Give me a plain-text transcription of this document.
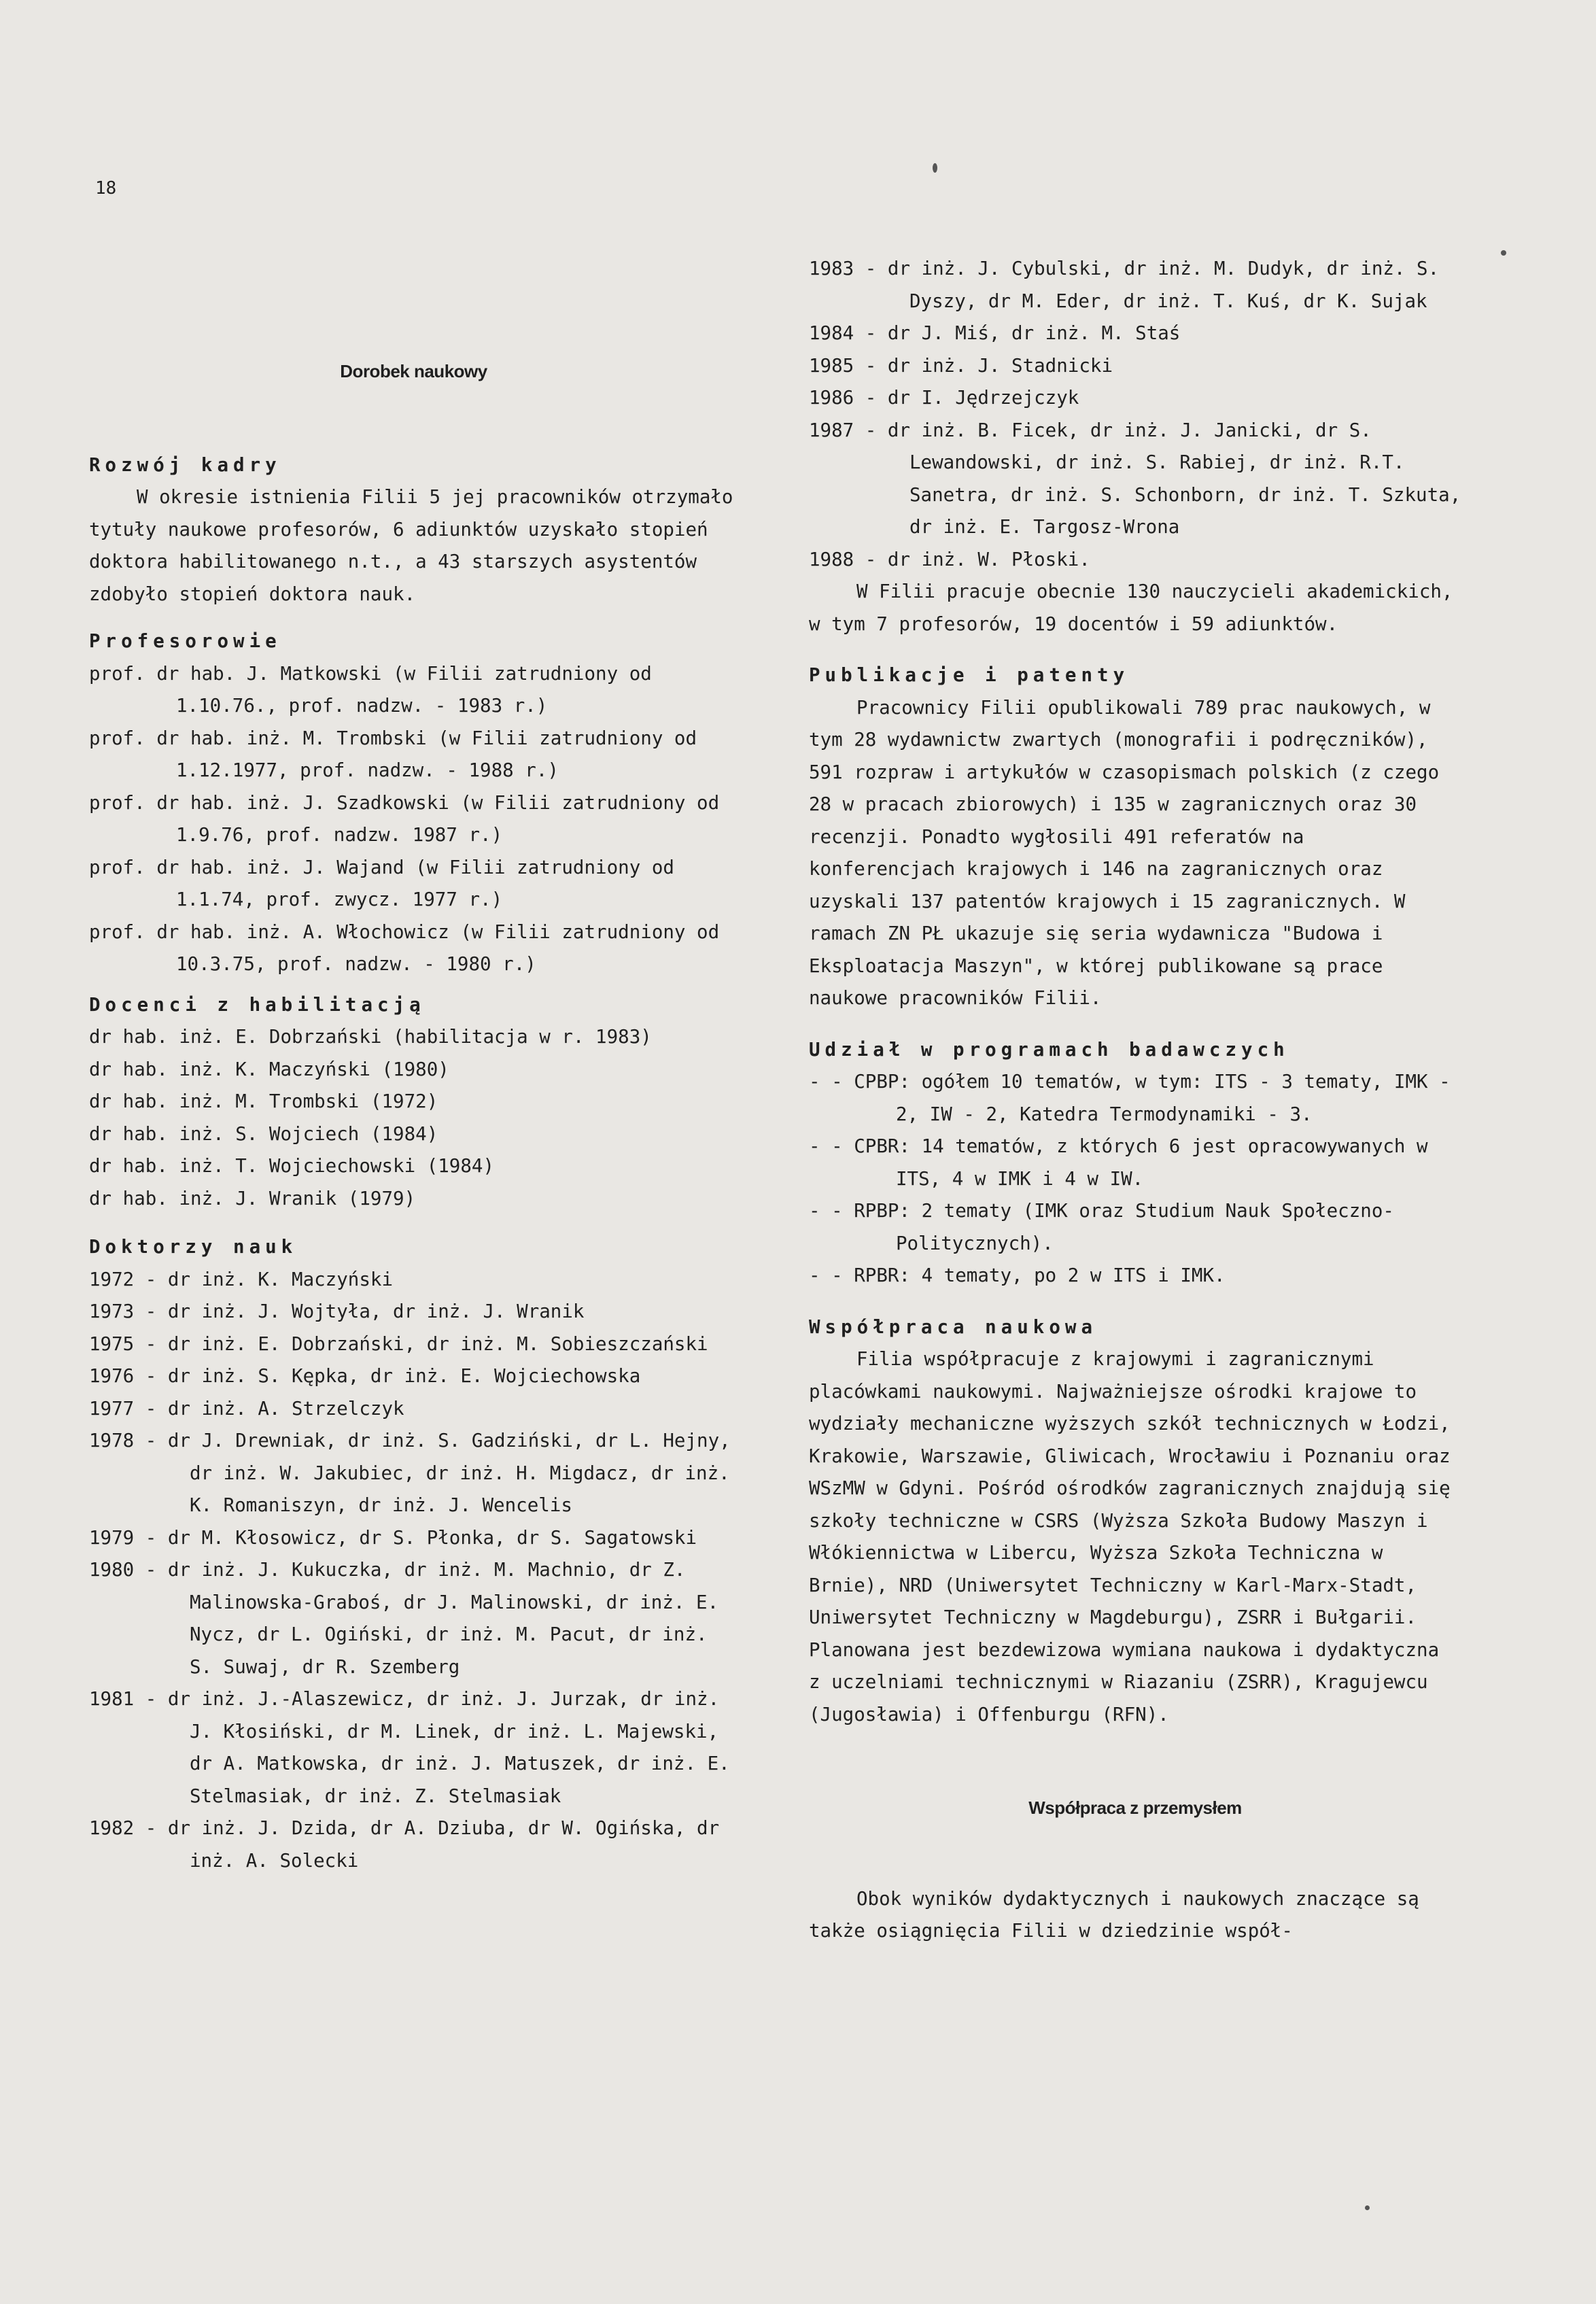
18

Dorobek naukowy

Rozwój kadry

W okresie istnienia Filii 5 jej pracowników otrzymało tytuły naukowe profesorów, 6 adiunktów uzyskało stopień doktora habilitowanego n.t., a 43 starszych asystentów zdobyło stopień doktora nauk.

Profesorowie

prof. dr hab. J. Matkowski (w Filii zatrudniony od 1.10.76., prof. nadzw. - 1983 r.)

prof. dr hab. inż. M. Trombski (w Filii zatrudniony od 1.12.1977, prof. nadzw. - 1988 r.)

prof. dr hab. inż. J. Szadkowski (w Filii zatrudniony od 1.9.76, prof. nadzw. 1987 r.)

prof. dr hab. inż. J. Wajand (w Filii zatrudniony od 1.1.74, prof. zwycz. 1977 r.)

prof. dr hab. inż. A. Włochowicz (w Filii zatrudniony od 10.3.75, prof. nadzw. - 1980 r.)

Docenci z habilitacją

dr hab. inż. E. Dobrzański (habilitacja w r. 1983)

dr hab. inż. K. Maczyński (1980)

dr hab. inż. M. Trombski (1972)

dr hab. inż. S. Wojciech (1984)

dr hab. inż. T. Wojciechowski (1984)

dr hab. inż. J. Wranik (1979)

Doktorzy nauk

1972 - dr inż. K. Maczyński

1973 - dr inż. J. Wojtyła, dr inż. J. Wranik

1975 - dr inż. E. Dobrzański, dr inż. M. Sobieszczański

1976 - dr inż. S. Kępka, dr inż. E. Wojciechowska

1977 - dr inż. A. Strzelczyk

1978 - dr J. Drewniak, dr inż. S. Gadziński, dr L. Hejny, dr inż. W. Jakubiec, dr inż. H. Migdacz, dr inż. K. Romaniszyn, dr inż. J. Wencelis

1979 - dr M. Kłosowicz, dr S. Płonka, dr S. Sagatowski

1980 - dr inż. J. Kukuczka, dr inż. M. Machnio, dr Z. Malinowska-Graboś, dr J. Malinowski, dr inż. E. Nycz, dr L. Ogiński, dr inż. M. Pacut, dr inż. S. Suwaj, dr R. Szemberg

1981 - dr inż. J.-Alaszewicz, dr inż. J. Jurzak, dr inż. J. Kłosiński, dr M. Linek, dr inż. L. Majewski, dr A. Matkowska, dr inż. J. Matuszek, dr inż. E. Stelmasiak, dr inż. Z. Stelmasiak

1982 - dr inż. J. Dzida, dr A. Dziuba, dr W. Ogińska, dr inż. A. Solecki

1983 - dr inż. J. Cybulski, dr inż. M. Dudyk, dr inż. S. Dyszy, dr M. Eder, dr inż. T. Kuś, dr K. Sujak

1984 - dr J. Miś, dr inż. M. Staś

1985 - dr inż. J. Stadnicki

1986 - dr I. Jędrzejczyk

1987 - dr inż. B. Ficek, dr inż. J. Janicki, dr S. Lewandowski, dr inż. S. Rabiej, dr inż. R.T. Sanetra, dr inż. S. Schonborn, dr inż. T. Szkuta, dr inż. E. Targosz-Wrona

1988 - dr inż. W. Płoski.

W Filii pracuje obecnie 130 nauczycieli akademickich, w tym 7 profesorów, 19 docentów i 59 adiunktów.

Publikacje i patenty

Pracownicy Filii opublikowali 789 prac naukowych, w tym 28 wydawnictw zwartych (monografii i podręczników), 591 rozpraw i artykułów w czasopismach polskich (z czego 28 w pracach zbiorowych) i 135 w zagranicznych oraz 30 recenzji. Ponadto wygłosili 491 referatów na konferencjach krajowych i 146 na zagranicznych oraz uzyskali 137 patentów krajowych i 15 zagranicznych. W ramach ZN PŁ ukazuje się seria wydawnicza "Budowa i Eksploatacja Maszyn", w której publikowane są prace naukowe pracowników Filii.

Udział w programach badawczych

- - CPBP: ogółem 10 tematów, w tym: ITS - 3 tematy, IMK - 2, IW - 2, Katedra Termodynamiki - 3.

- - CPBR: 14 tematów, z których 6 jest opracowywanych w ITS, 4 w IMK i 4 w IW.

- - RPBP: 2 tematy (IMK oraz Studium Nauk Społeczno-Politycznych).

- - RPBR: 4 tematy, po 2 w ITS i IMK.

Współpraca naukowa

Filia współpracuje z krajowymi i zagranicznymi placówkami naukowymi. Najważniejsze ośrodki krajowe to wydziały mechaniczne wyższych szkół technicznych w Łodzi, Krakowie, Warszawie, Gliwicach, Wrocławiu i Poznaniu oraz WSzMW w Gdyni. Pośród ośrodków zagranicznych znajdują się szkoły techniczne w CSRS (Wyższa Szkoła Budowy Maszyn i Włókiennictwa w Libercu, Wyższa Szkoła Techniczna w Brnie), NRD (Uniwersytet Techniczny w Karl-Marx-Stadt, Uniwersytet Techniczny w Magdeburgu), ZSRR i Bułgarii. Planowana jest bezdewizowa wymiana naukowa i dydaktyczna z uczelniami technicznymi w Riazaniu (ZSRR), Kragujewcu (Jugosławia) i Offenburgu (RFN).

Współpraca z przemysłem

Obok wyników dydaktycznych i naukowych znaczące są także osiągnięcia Filii w dziedzinie współ-
